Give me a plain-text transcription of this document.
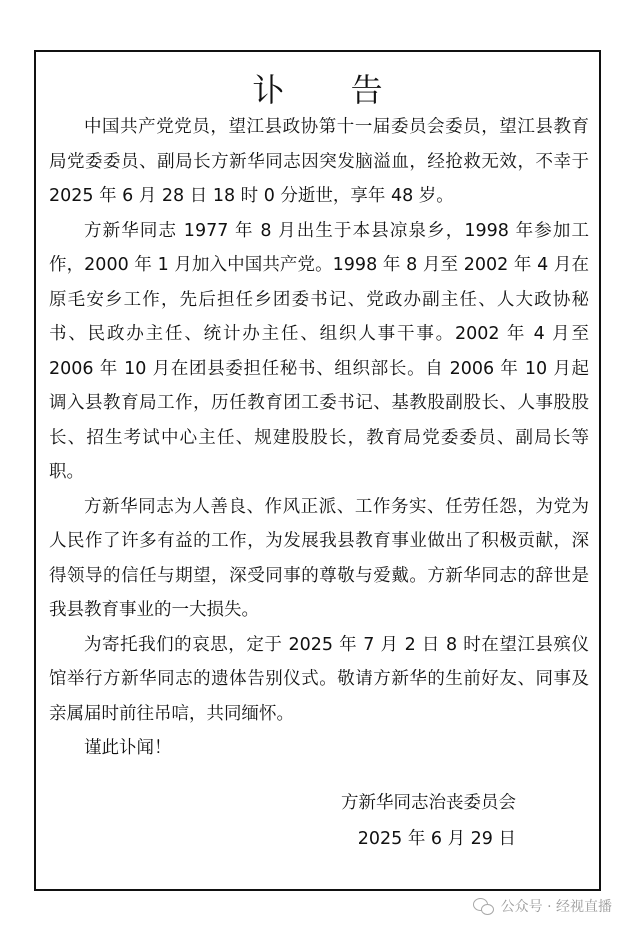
讣 告

中国共产党党员，望江县政协第十一届委员会委员，望江县教育局党委委员、副局长方新华同志因突发脑溢血，经抢救无效，不幸于 2025 年 6 月 28 日 18 时 0 分逝世，享年 48 岁。

方新华同志 1977 年 8 月出生于本县凉泉乡，1998 年参加工作，2000 年 1 月加入中国共产党。1998 年 8 月至 2002 年 4 月在原毛安乡工作，先后担任乡团委书记、党政办副主任、人大政协秘书、民政办主任、统计办主任、组织人事干事。2002 年 4 月至 2006 年 10 月在团县委担任秘书、组织部长。自 2006 年 10 月起调入县教育局工作，历任教育团工委书记、基教股副股长、人事股股长、招生考试中心主任、规建股股长，教育局党委委员、副局长等职。

方新华同志为人善良、作风正派、工作务实、任劳任怨，为党为人民作了许多有益的工作，为发展我县教育事业做出了积极贡献，深得领导的信任与期望，深受同事的尊敬与爱戴。方新华同志的辞世是我县教育事业的一大损失。

为寄托我们的哀思，定于 2025 年 7 月 2 日 8 时在望江县殡仪馆举行方新华同志的遗体告别仪式。敬请方新华的生前好友、同事及亲属届时前往吊唁，共同缅怀。

谨此讣闻！

方新华同志治丧委员会
2025 年 6 月 29 日
公众号 · 经视直播
